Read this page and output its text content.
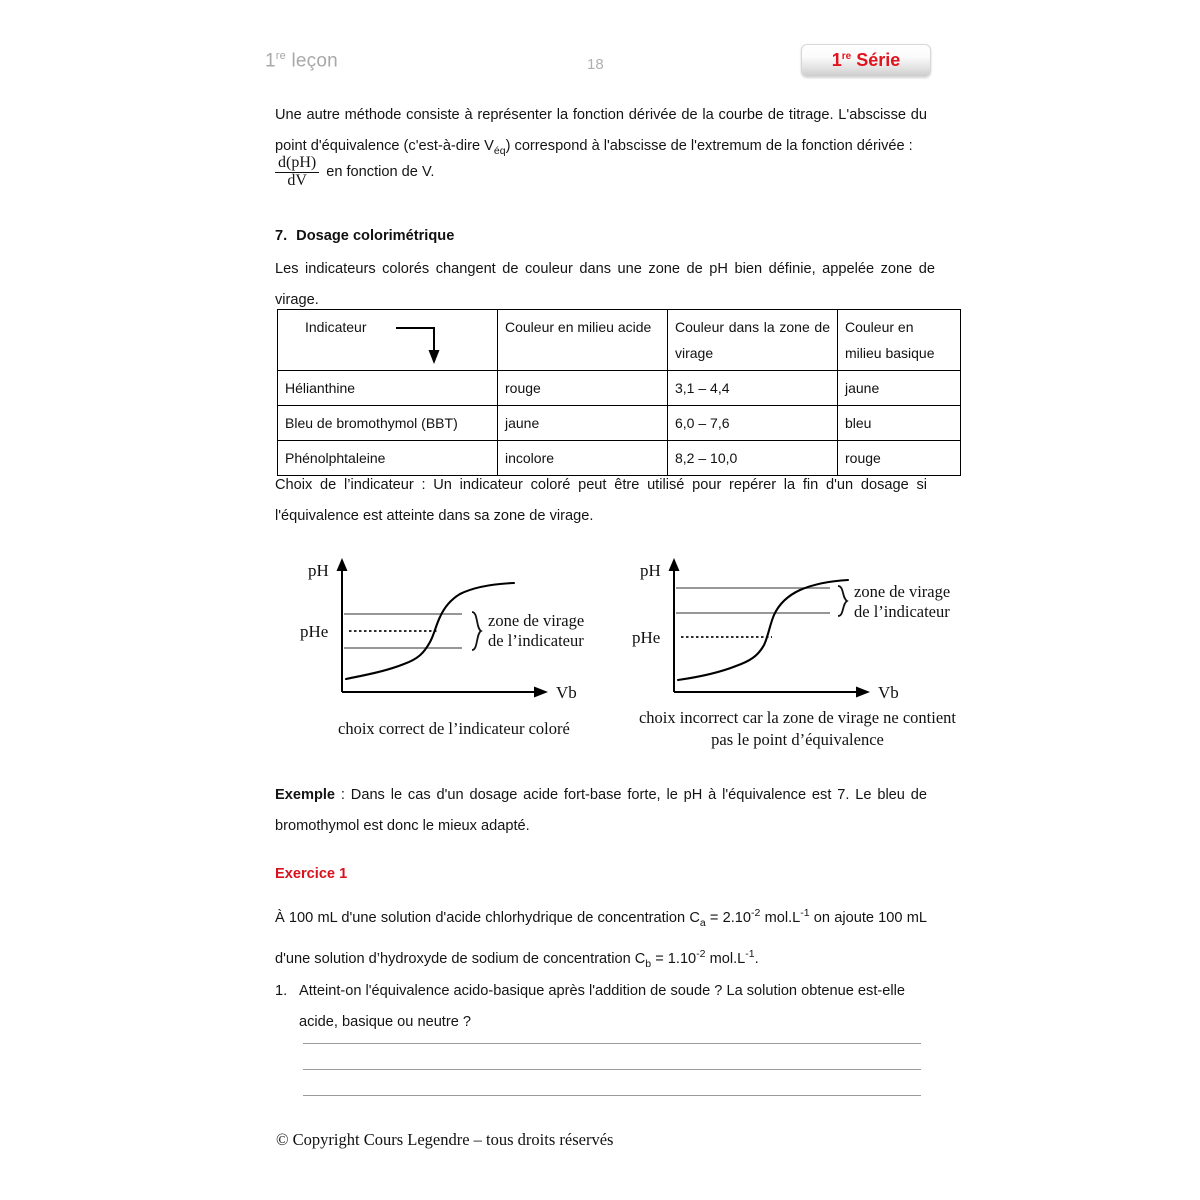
1re leçon	18	1re Série
Une autre méthode consiste à représenter la fonction dérivée de la courbe de titrage. L'abscisse du point d'équivalence (c'est-à-dire $V_{éq}$) correspond à l'abscisse de l'extremum de la fonction dérivée :
$\frac{d(pH)}{dV}$ en fonction de V.
7. Dosage colorimétrique
Les indicateurs colorés changent de couleur dans une zone de pH bien définie, appelée zone de virage.
Indicateur	Couleur en milieu acide	Couleur dans la zone de virage	Couleur en milieu basique
Hélianthine	rouge	3,1 – 4,4	jaune
Bleu de bromothymol (BBT)	jaune	6,0 – 7,6	bleu
Phénolphtaleine	incolore	8,2 – 10,0	rouge
Choix de l’indicateur : Un indicateur coloré peut être utilisé pour repérer la fin d'un dosage si l'équivalence est atteinte dans sa zone de virage.
pH
Vb
pHe
zone de virage
de l’indicateur
choix correct de l’indicateur coloré
pH
Vb
pHe
zone de virage
de l’indicateur
choix incorrect car la zone de virage ne contient pas le point d’équivalence
Exemple : Dans le cas d'un dosage acide fort-base forte, le pH à l'équivalence est 7. Le bleu de bromothymol est donc le mieux adapté.
Exercice 1
À 100 mL d'une solution d'acide chlorhydrique de concentration $C_a = 2.10^{-2}$ $mol.L^{-1}$ on ajoute 100 mL d'une solution d’hydroxyde de sodium de concentration $C_b = 1.10^{-2}$ $mol.L^{-1}$.
1. Atteint-on l'équivalence acido-basique après l'addition de soude ? La solution obtenue est-elle acide, basique ou neutre ?
© Copyright Cours Legendre – tous droits réservés
